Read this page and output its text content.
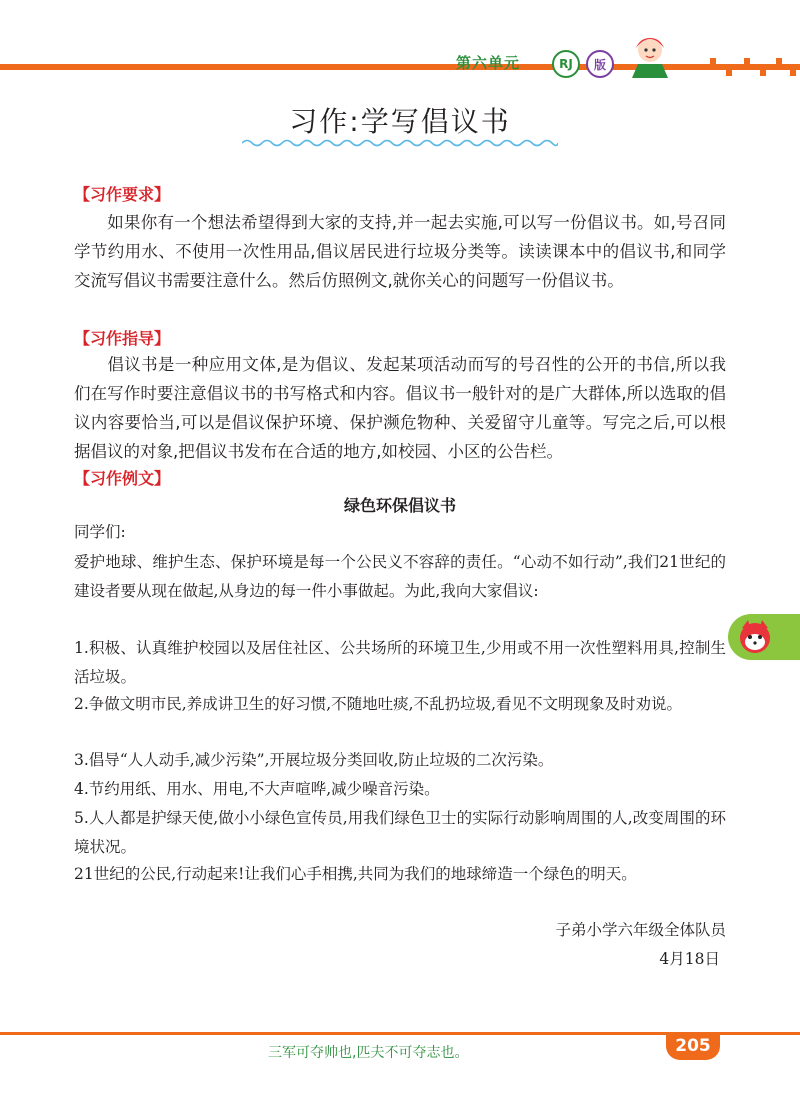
第六单元	RJ	版
习作:学写倡议书
【习作要求】
如果你有一个想法希望得到大家的支持,并一起去实施,可以写一份倡议书。如,号召同学节约用水、不使用一次性用品,倡议居民进行垃圾分类等。读读课本中的倡议书,和同学交流写倡议书需要注意什么。然后仿照例文,就你关心的问题写一份倡议书。
【习作指导】
倡议书是一种应用文体,是为倡议、发起某项活动而写的号召性的公开的书信,所以我们在写作时要注意倡议书的书写格式和内容。倡议书一般针对的是广大群体,所以选取的倡议内容要恰当,可以是倡议保护环境、保护濒危物种、关爱留守儿童等。写完之后,可以根据倡议的对象,把倡议书发布在合适的地方,如校园、小区的公告栏。
【习作例文】
绿色环保倡议书
同学们:
爱护地球、维护生态、保护环境是每一个公民义不容辞的责任。“心动不如行动”,我们21世纪的建设者要从现在做起,从身边的每一件小事做起。为此,我向大家倡议:
1.积极、认真维护校园以及居住社区、公共场所的环境卫生,少用或不用一次性塑料用具,控制生活垃圾。
2.争做文明市民,养成讲卫生的好习惯,不随地吐痰,不乱扔垃圾,看见不文明现象及时劝说。
3.倡导“人人动手,减少污染”,开展垃圾分类回收,防止垃圾的二次污染。
4.节约用纸、用水、用电,不大声喧哗,减少噪音污染。
5.人人都是护绿天使,做小小绿色宣传员,用我们绿色卫士的实际行动影响周围的人,改变周围的环境状况。
21世纪的公民,行动起来!让我们心手相携,共同为我们的地球缔造一个绿色的明天。
子弟小学六年级全体队员
4月18日
三军可夺帅也,匹夫不可夺志也。	205
